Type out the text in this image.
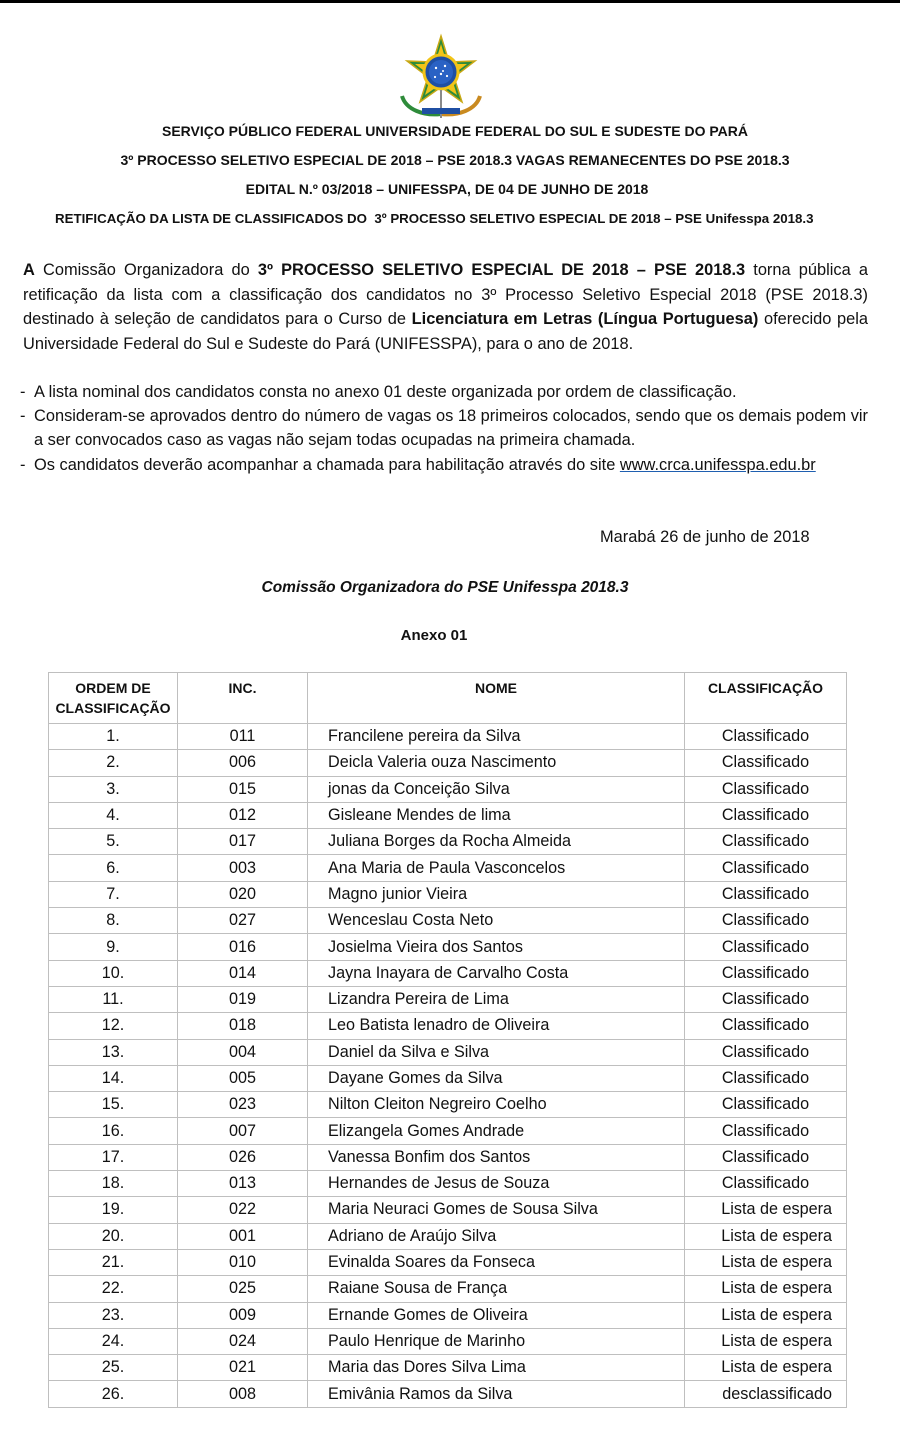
SERVIÇO PÚBLICO FEDERAL UNIVERSIDADE FEDERAL DO SUL E SUDESTE DO PARÁ
3º PROCESSO SELETIVO ESPECIAL DE 2018 – PSE 2018.3 VAGAS REMANECENTES DO PSE 2018.3
EDITAL N.º 03/2018 – UNIFESSPA, DE 04 DE JUNHO DE 2018
RETIFICAÇÃO DA LISTA DE CLASSIFICADOS DO  3º PROCESSO SELETIVO ESPECIAL DE 2018 – PSE Unifesspa 2018.3
A Comissão Organizadora do 3º PROCESSO SELETIVO ESPECIAL DE 2018 – PSE 2018.3 torna pública a retificação da lista com a classificação dos candidatos no 3º Processo Seletivo Especial 2018 (PSE 2018.3) destinado à seleção de candidatos para o Curso de Licenciatura em Letras (Língua Portuguesa) oferecido pela Universidade Federal do Sul e Sudeste do Pará (UNIFESSPA), para o ano de 2018.
- A lista nominal dos candidatos consta no anexo 01 deste organizada por ordem de classificação.
- Consideram-se aprovados dentro do número de vagas os 18 primeiros colocados, sendo que os demais podem vir a ser convocados caso as vagas não sejam todas ocupadas na primeira chamada.
- Os candidatos deverão acompanhar a chamada para habilitação através do site www.crca.unifesspa.edu.br
Marabá 26 de junho de 2018
Comissão Organizadora do PSE Unifesspa 2018.3
Anexo 01
ORDEM DE
CLASSIFICAÇÃO	INC.	NOME	CLASSIFICAÇÃO
1.	011	Francilene pereira da Silva	Classificado
2.	006	Deicla Valeria ouza Nascimento	Classificado
3.	015	jonas da Conceição Silva	Classificado
4.	012	Gisleane Mendes de lima	Classificado
5.	017	Juliana Borges da Rocha Almeida	Classificado
6.	003	Ana Maria de Paula Vasconcelos	Classificado
7.	020	Magno junior Vieira	Classificado
8.	027	Wenceslau Costa Neto	Classificado
9.	016	Josielma Vieira dos Santos	Classificado
10.	014	Jayna Inayara de Carvalho Costa	Classificado
11.	019	Lizandra Pereira de Lima	Classificado
12.	018	Leo Batista lenadro de Oliveira	Classificado
13.	004	Daniel da Silva e Silva	Classificado
14.	005	Dayane Gomes da Silva	Classificado
15.	023	Nilton Cleiton Negreiro Coelho	Classificado
16.	007	Elizangela Gomes Andrade	Classificado
17.	026	Vanessa Bonfim dos Santos	Classificado
18.	013	Hernandes de Jesus de Souza	Classificado
19.	022	Maria Neuraci Gomes de Sousa Silva	Lista de espera
20.	001	Adriano de Araújo Silva	Lista de espera
21.	010	Evinalda Soares da Fonseca	Lista de espera
22.	025	Raiane Sousa de França	Lista de espera
23.	009	Ernande Gomes de Oliveira	Lista de espera
24.	024	Paulo Henrique de Marinho	Lista de espera
25.	021	Maria das Dores Silva Lima	Lista de espera
26.	008	Emivânia Ramos da Silva	desclassificado
